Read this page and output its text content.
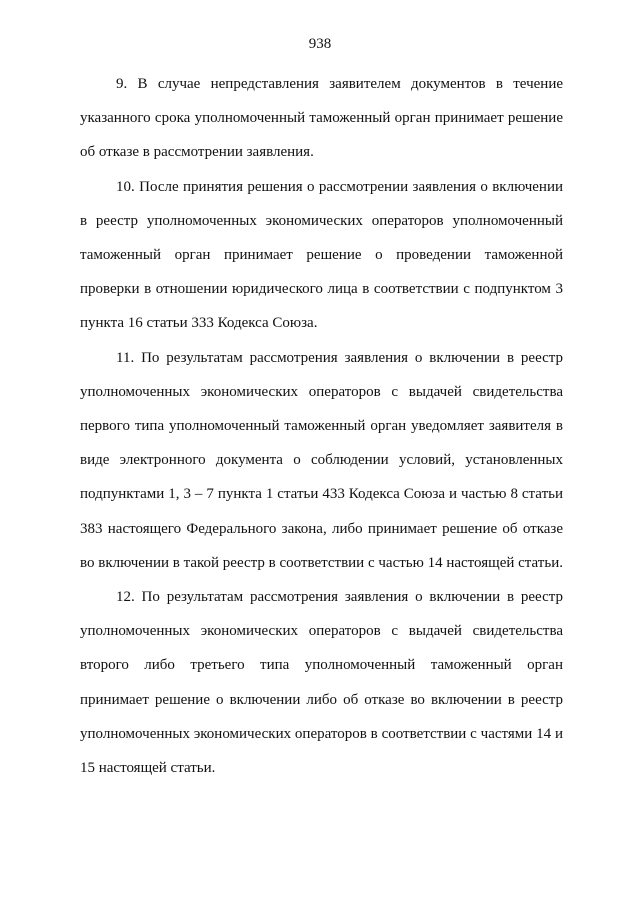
938

9. В случае непредставления заявителем документов в течение указанного срока уполномоченный таможенный орган принимает решение об отказе в рассмотрении заявления.

10. После принятия решения о рассмотрении заявления о включении в реестр уполномоченных экономических операторов уполномоченный таможенный орган принимает решение о проведении таможенной проверки в отношении юридического лица в соответствии с подпунктом 3 пункта 16 статьи 333 Кодекса Союза.

11. По результатам рассмотрения заявления о включении в реестр уполномоченных экономических операторов с выдачей свидетельства первого типа уполномоченный таможенный орган уведомляет заявителя в виде электронного документа о соблюдении условий, установленных подпунктами 1, 3 – 7 пункта 1 статьи 433 Кодекса Союза и частью 8 статьи 383 настоящего Федерального закона, либо принимает решение об отказе во включении в такой реестр в соответствии с частью 14 настоящей статьи.

12. По результатам рассмотрения заявления о включении в реестр уполномоченных экономических операторов с выдачей свидетельства второго либо третьего типа уполномоченный таможенный орган принимает решение о включении либо об отказе во включении в реестр уполномоченных экономических операторов в соответствии с частями 14 и 15 настоящей статьи.
